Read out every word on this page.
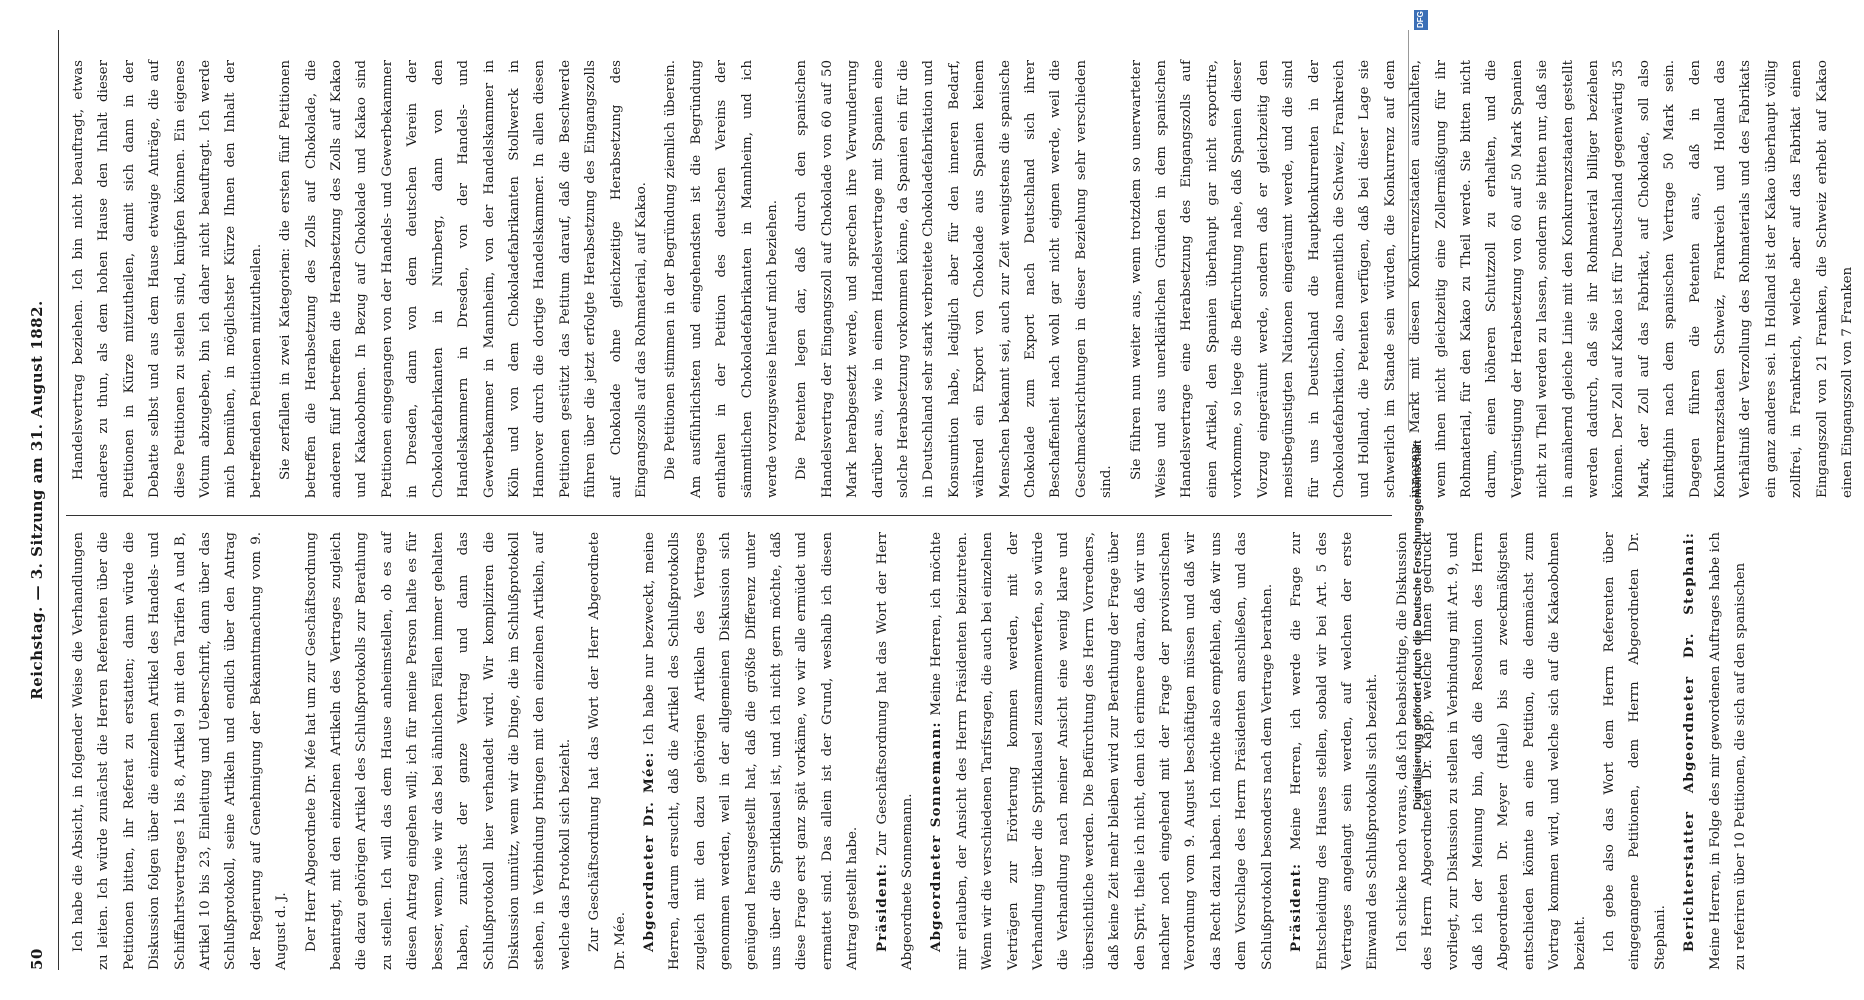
50
Reichstag. — 3. Sitzung am 31. August 1882.

Ich habe die Absicht, in folgender Weise die Verhandlungen zu leiten. Ich würde zunächst die Herren Referenten über die Petitionen bitten, ihr Referat zu erstatten; dann würde die Diskussion folgen über die einzelnen Artikel des Handels- und Schiffahrtsvertrages 1 bis 8, Artikel 9 mit den Tarifen A und B, Artikel 10 bis 23, Einleitung und Ueberschrift, dann über das Schlußprotokoll, seine Artikeln und endlich über den Antrag der Regierung auf Genehmigung der Bekanntmachung vom 9. August d. J.	Der Herr Abgeordnete Dr. Mée hat um zur Geschäftsordnung beantragt, mit den einzelnen Artikeln des Vertrages zugleich die dazu gehörigen Artikel des Schlußprotokolls zur Berathung zu stellen. Ich will das dem Hause anheimstellen, ob es auf diesen Antrag eingehen will; ich für meine Person halte es für besser, wenn, wie wir das bei ähnlichen Fällen immer gehalten haben, zunächst der ganze Vertrag und dann das Schlußprotokoll hier verhandelt wird. Wir kompliziren die Diskussion unnütz, wenn wir die Dinge, die im Schlußprotokoll stehen, in Verbindung bringen mit den einzelnen Artikeln, auf welche das Protokoll sich bezieht.	Zur Geschäftsordnung hat das Wort der Herr Abgeordnete Dr. Mée.	Abgeordneter Dr. Mée: Ich habe nur bezweckt, meine Herren, darum ersucht, daß die Artikel des Schlußprotokolls zugleich mit den dazu gehörigen Artikeln des Vertrages genommen werden, weil in der allgemeinen Diskussion sich genügend herausgestellt hat, daß die größte Differenz unter uns über die Spritklausel ist, und ich nicht gern möchte, daß diese Frage erst ganz spät vorkäme, wo wir alle ermüdet und ermattet sind. Das allein ist der Grund, weshalb ich diesen Antrag gestellt habe.	Präsident: Zur Geschäftsordnung hat das Wort der Herr Abgeordnete Sonnemann.	Abgeordneter Sonnemann: Meine Herren, ich möchte mir erlauben, der Ansicht des Herrn Präsidenten beizutreten. Wenn wir die verschiedenen Tarifsragen, die auch bei einzelnen Verträgen zur Erörterung kommen werden, mit der Verhandlung über die Spritklausel zusammenwerfen, so würde die Verhandlung nach meiner Ansicht eine wenig klare und übersichtliche werden. Die Befürchtung des Herrn Vorredners, daß keine Zeit mehr bleiben wird zur Berathung der Frage über den Sprit, theile ich nicht, denn ich erinnere daran, daß wir uns nachher noch eingehend mit der Frage der provisorischen Verordnung vom 9. August beschäftigen müssen und daß wir das Recht dazu haben. Ich möchte also empfehlen, daß wir uns dem Vorschlage des Herrn Präsidenten anschließen, und das Schlußprotokoll besonders nach dem Vertrage berathen.	Präsident: Meine Herren, ich werde die Frage zur Entscheidung des Hauses stellen, sobald wir bei Art. 5 des Vertrages angelangt sein werden, auf welchen der erste Einwand des Schlußprotokolls sich bezieht.	Ich schicke noch voraus, daß ich beabsichtige, die Diskussion des Herrn Abgeordneten Dr. Kapp, welche Ihnen gedruckt vorliegt, zur Diskussion zu stellen in Verbindung mit Art. 9, und daß ich der Meinung bin, daß die Resolution des Herrn Abgeordneten Dr. Meyer (Halle) bis an zweckmäßigsten entschieden könnte an eine Petition, die demnächst zum Vortrag kommen wird, und welche sich auf die Kakaobohnen bezieht.	Ich gebe also das Wort dem Herrn Referenten über eingegangene Petitionen, dem Herrn Abgeordneten Dr. Stephani.	Berichterstatter Abgeordneter Dr. Stephani: Meine Herren, in Folge des mir gewordenen Auftrages habe ich zu referiren über 10 Petitionen, die sich auf den spanischen

Handelsvertrag beziehen. Ich bin nicht beauftragt, etwas anderes zu thun, als dem hohen Hause den Inhalt dieser Petitionen in Kürze mitzutheilen, damit sich dann in der Debatte selbst und aus dem Hause etwaige Anträge, die auf diese Petitionen zu stellen sind, knüpfen können. Ein eigenes Votum abzugeben, bin ich daher nicht beauftragt. Ich werde mich bemühen, in möglichster Kürze Ihnen den Inhalt der betreffenden Petitionen mitzutheilen.	Sie zerfallen in zwei Kategorien: die ersten fünf Petitionen betreffen die Herabsetzung des Zolls auf Chokolade, die anderen fünf betreffen die Herabsetzung des Zolls auf Kakao und Kakaobohnen. In Bezug auf Chokolade und Kakao sind Petitionen eingegangen von der Handels- und Gewerbekammer in Dresden, dann von dem deutschen Verein der Chokoladefabrikanten in Nürnberg, dann von den Handelskammern in Dresden, von der Handels- und Gewerbekammer in Mannheim, von der Handelskammer in Köln und von dem Chokoladefabrikanten Stollwerck in Hannover durch die dortige Handelskammer. In allen diesen Petitionen gestützt das Petitum darauf, daß die Beschwerde führen über die jetzt erfolgte Herabsetzung des Eingangszolls auf Chokolade ohne gleichzeitige Herabsetzung des Eingangszolls auf das Rohmaterial, auf Kakao.	Die Petitionen stimmen in der Begründung ziemlich überein. Am ausführlichsten und eingehendsten ist die Begründung enthalten in der Petition des deutschen Vereins der sämmtlichen Chokoladefabrikanten in Mannheim, und ich werde vorzugsweise hierauf mich beziehen.	Die Petenten legen dar, daß durch den spanischen Handelsvertrag der Eingangszoll auf Chokolade von 60 auf 50 Mark herabgesetzt werde, und sprechen ihre Verwunderung darüber aus, wie in einem Handelsvertrage mit Spanien eine solche Herabsetzung vorkommen könne, da Spanien ein für die in Deutschland sehr stark verbreitete Chokoladefabrikation und Konsumtion habe, lediglich aber für den inneren Bedarf, während ein Export von Chokolade aus Spanien keinem Menschen bekannt sei, auch zur Zeit wenigstens die spanische Chokolade zum Export nach Deutschland sich ihrer Beschaffenheit nach wohl gar nicht eignen werde, weil die Geschmacksrichtungen in dieser Beziehung sehr verschieden sind.

Sie führen nun weiter aus, wenn trotzdem so unerwarteter Weise und aus unerklärlichen Gründen in dem spanischen Handelsvertrage eine Herabsetzung des Eingangszolls auf einen Artikel, den Spanien überhaupt gar nicht exportire, vorkomme, so liege die Befürchtung nahe, daß Spanien dieser Vorzug eingeräumt werde, sondern daß er gleichzeitig den meistbegünstigten Nationen eingeräumt werde, und die sind für uns in Deutschland die Hauptkonkurrenten in der Chokoladefabrikation, also namentlich die Schweiz, Frankreich und Holland, die Petenten verfügen, daß bei dieser Lage sie schwerlich im Stande sein würden, die Konkurrenz auf dem inneren Markt mit diesen Konkurrenzstaaten auszuhalten, wenn ihnen nicht gleichzeitig eine Zollermäßigung für ihr Rohmaterial, für den Kakao zu Theil werde. Sie bitten nicht darum, einen höheren Schutzzoll zu erhalten, und die Vergünstigung der Herabsetzung von 60 auf 50 Mark Spanien nicht zu Theil werden zu lassen, sondern sie bitten nur, daß sie in annähernd gleiche Linie mit den Konkurrenzstaaten gestellt werden dadurch, daß sie ihr Rohmaterial billiger beziehen können. Der Zoll auf Kakao ist für Deutschland gegenwärtig 35 Mark, der Zoll auf das Fabrikat, auf Chokolade, soll also künftighin nach dem spanischen Vertrage 50 Mark sein. Dagegen führen die Petenten aus, daß in den Konkurrenzstaaten Schweiz, Frankreich und Holland das Verhältniß der Verzollung des Rohmaterials und des Fabrikats ein ganz anderes sei. In Holland ist der Kakao überhaupt völlig zollfrei, in Frankreich, welche aber auf das Fabrikat einen Eingangszoll von 21 Franken, die Schweiz erhebt auf Kakao einen Eingangszoll von 7 Franken

Digitalisierung gefördert durch die Deutsche Forschungsgemeinschaft
DFG
